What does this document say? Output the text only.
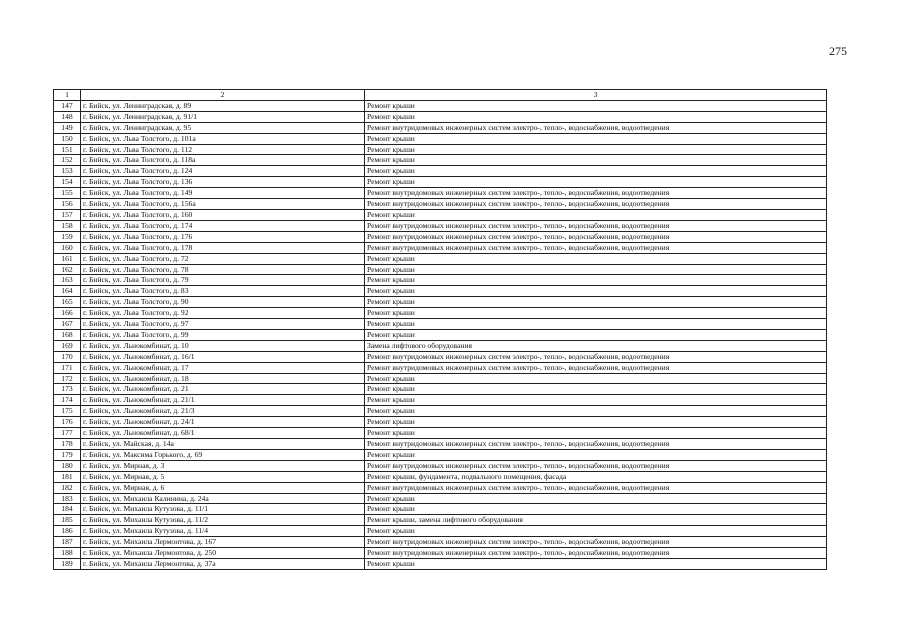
275
1	2	3
147	г. Бийск, ул. Ленинградская, д. 89	Ремонт крыши
148	г. Бийск, ул. Ленинградская, д. 91/1	Ремонт крыши
149	г. Бийск, ул. Ленинградская, д. 95	Ремонт внутридомовых инженерных систем электро-, тепло-, водоснабжения, водоотведения
150	г. Бийск, ул. Льва Толстого, д. 101а	Ремонт крыши
151	г. Бийск, ул. Льва Толстого, д. 112	Ремонт крыши
152	г. Бийск, ул. Льва Толстого, д. 118а	Ремонт крыши
153	г. Бийск, ул. Льва Толстого, д. 124	Ремонт крыши
154	г. Бийск, ул. Льва Толстого, д. 136	Ремонт крыши
155	г. Бийск, ул. Льва Толстого, д. 149	Ремонт внутридомовых инженерных систем электро-, тепло-, водоснабжения, водоотведения
156	г. Бийск, ул. Льва Толстого, д. 156а	Ремонт внутридомовых инженерных систем электро-, тепло-, водоснабжения, водоотведения
157	г. Бийск, ул. Льва Толстого, д. 160	Ремонт крыши
158	г. Бийск, ул. Льва Толстого, д. 174	Ремонт внутридомовых инженерных систем электро-, тепло-, водоснабжения, водоотведения
159	г. Бийск, ул. Льва Толстого, д. 176	Ремонт внутридомовых инженерных систем электро-, тепло-, водоснабжения, водоотведения
160	г. Бийск, ул. Льва Толстого, д. 178	Ремонт внутридомовых инженерных систем электро-, тепло-, водоснабжения, водоотведения
161	г. Бийск, ул. Льва Толстого, д. 72	Ремонт крыши
162	г. Бийск, ул. Льва Толстого, д. 78	Ремонт крыши
163	г. Бийск, ул. Льва Толстого, д. 79	Ремонт крыши
164	г. Бийск, ул. Льва Толстого, д. 83	Ремонт крыши
165	г. Бийск, ул. Льва Толстого, д. 90	Ремонт крыши
166	г. Бийск, ул. Льва Толстого, д. 92	Ремонт крыши
167	г. Бийск, ул. Льва Толстого, д. 97	Ремонт крыши
168	г. Бийск, ул. Льва Толстого, д. 99	Ремонт крыши
169	г. Бийск, ул. Льнокомбинат, д. 10	Замена лифтового оборудования
170	г. Бийск, ул. Льнокомбинат, д. 16/1	Ремонт внутридомовых инженерных систем электро-, тепло-, водоснабжения, водоотведения
171	г. Бийск, ул. Льнокомбинат, д. 17	Ремонт внутридомовых инженерных систем электро-, тепло-, водоснабжения, водоотведения
172	г. Бийск, ул. Льнокомбинат, д. 18	Ремонт крыши
173	г. Бийск, ул. Льнокомбинат, д. 21	Ремонт крыши
174	г. Бийск, ул. Льнокомбинат, д. 21/1	Ремонт крыши
175	г. Бийск, ул. Льнокомбинат, д. 21/3	Ремонт крыши
176	г. Бийск, ул. Льнокомбинат, д. 24/1	Ремонт крыши
177	г. Бийск, ул. Льнокомбинат, д. 68/1	Ремонт крыши
178	г. Бийск, ул. Майская, д. 14а	Ремонт внутридомовых инженерных систем электро-, тепло-, водоснабжения, водоотведения
179	г. Бийск, ул. Максима Горького, д. 69	Ремонт крыши
180	г. Бийск, ул. Мирная, д. 3	Ремонт внутридомовых инженерных систем электро-, тепло-, водоснабжения, водоотведения
181	г. Бийск, ул. Мирная, д. 5	Ремонт крыши, фундамента, подвального помещения, фасада
182	г. Бийск, ул. Мирная, д. 6	Ремонт внутридомовых инженерных систем электро-, тепло-, водоснабжения, водоотведения
183	г. Бийск, ул. Михаила Калинина, д. 24а	Ремонт крыши
184	г. Бийск, ул. Михаила Кутузова, д. 11/1	Ремонт крыши
185	г. Бийск, ул. Михаила Кутузова, д. 11/2	Ремонт крыши, замена лифтового оборудования
186	г. Бийск, ул. Михаила Кутузова, д. 11/4	Ремонт крыши
187	г. Бийск, ул. Михаила Лермонтова, д. 167	Ремонт внутридомовых инженерных систем электро-, тепло-, водоснабжения, водоотведения
188	г. Бийск, ул. Михаила Лермонтова, д. 250	Ремонт внутридомовых инженерных систем электро-, тепло-, водоснабжения, водоотведения
189	г. Бийск, ул. Михаила Лермонтова, д. 37а	Ремонт крыши
